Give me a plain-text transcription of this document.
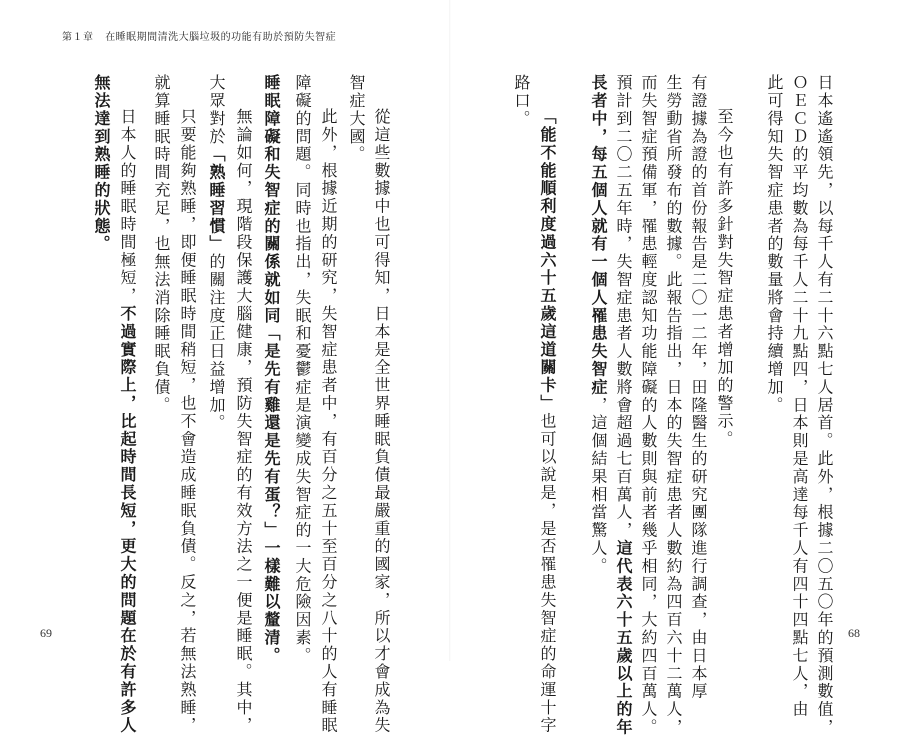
第１章 在睡眠期間清洗大腦垃圾的功能有助於預防失智症
日本遙遙領先，以每千人有二十六點七人居首。此外，根據二〇五〇年的預測數值，
ＯＥＣＤ的平均數為每千人二十九點四，日本則是高達每千人有四十四點七人，由
此可得知失智症患者的數量將會持續增加。
至今也有許多針對失智症患者增加的警示。
有證據為證的首份報告是二〇一二年，田隆醫生的研究團隊進行調查，由日本厚
生勞動省所發布的數據。此報告指出，日本的失智症患者人數約為四百六十二萬人，
而失智症預備軍，罹患輕度認知功能障礙的人數則與前者幾乎相同，大約四百萬人。
預計到二〇二五年時，失智症患者人數將會超過七百萬人，這代表六十五歲以上的年
長者中，每五個人就有一個人罹患失智症，這個結果相當驚人。
「能不能順利度過六十五歲這道關卡」也可以說是，是否罹患失智症的命運十字
路口。
從這些數據中也可得知，日本是全世界睡眠負債最嚴重的國家，所以才會成為失
智症大國。
此外，根據近期的研究，失智症患者中，有百分之五十至百分之八十的人有睡眠
障礙的問題。同時也指出，失眠和憂鬱症是演變成失智症的一大危險因素。
睡眠障礙和失智症的關係就如同「是先有雞還是先有蛋？」一樣難以釐清。
無論如何，現階段保護大腦健康，預防失智症的有效方法之一便是睡眠。其中，
大眾對於「熟睡習慣」的關注度正日益增加。
只要能夠熟睡，即便睡眠時間稍短，也不會造成睡眠負債。反之，若無法熟睡，
就算睡眠時間充足，也無法消除睡眠負債。
日本人的睡眠時間極短，不過實際上，比起時間長短，更大的問題在於有許多人
無法達到熟睡的狀態。
69	68
